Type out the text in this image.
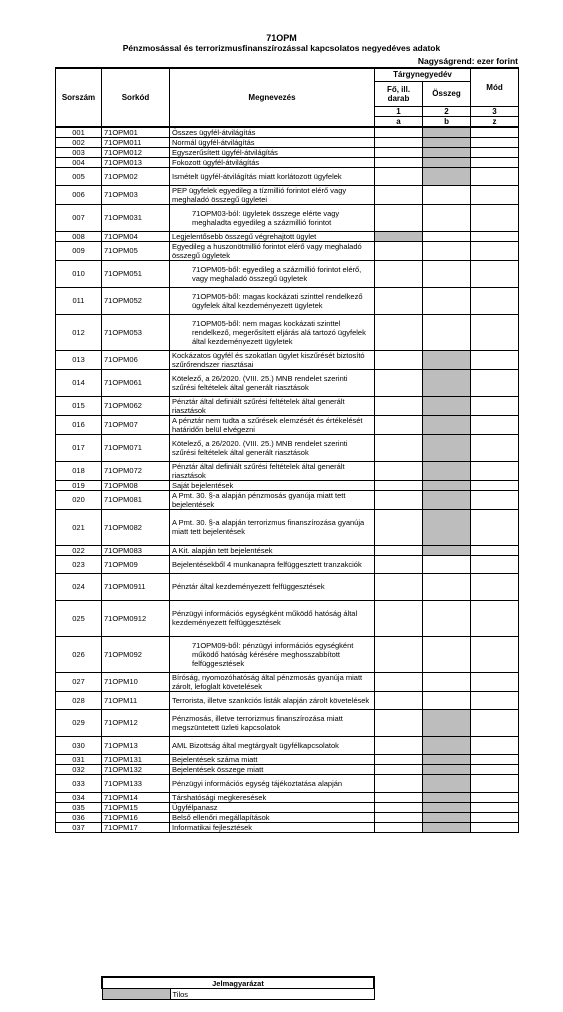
71OPM
Pénzmosással és terrorizmusfinanszírozással kapcsolatos negyedéves adatok
Nagyságrend: ezer forint
Sorszám	Sorkód	Megnevezés	Tárgynegyedév		Mód
			Fő, ill. darab	Összeg	
			1	2	3
			a	b	z
001	71OPM01	Összes ügyfél-átvilágítás			
002	71OPM011	Normál ügyfél-átvilágítás			
003	71OPM012	Egyszerűsített ügyfél-átvilágítás			
004	71OPM013	Fokozott ügyfél-átvilágítás			
005	71OPM02	Ismételt ügyfél-átvilágítás miatt korlátozott ügyfelek			
006	71OPM03	PEP ügyfelek egyedileg a tízmillió forintot elérő vagy meghaladó összegű ügyletei			
007	71OPM031	71OPM03-ból: ügyletek összege elérte vagy meghaladta egyedileg a százmillió forintot			
008	71OPM04	Legjelentősebb összegű végrehajtott ügylet			
009	71OPM05	Egyedileg a huszonötmillió forintot elérő vagy meghaladó összegű ügyletek			
010	71OPM051	71OPM05-ből: egyedileg a százmillió forintot elérő, vagy meghaladó összegű ügyletek			
011	71OPM052	71OPM05-ből: magas kockázati szinttel rendelkező ügyfelek által kezdeményezett ügyletek			
012	71OPM053	71OPM05-ből: nem magas kockázati szinttel rendelkező, megerősített eljárás alá tartozó ügyfelek által kezdeményezett ügyletek			
013	71OPM06	Kockázatos ügyfél és szokatlan ügylet kiszűrését biztosító szűrőrendszer riasztásai			
014	71OPM061	Kötelező, a 26/2020. (VIII. 25.) MNB rendelet szerinti szűrési feltételek által generált riasztások			
015	71OPM062	Pénztár által definiált szűrési feltételek által generált riasztások			
016	71OPM07	A pénztár nem tudta a szűrések elemzését és értékelését határidőn belül elvégezni			
017	71OPM071	Kötelező, a 26/2020. (VIII. 25.) MNB rendelet szerinti szűrési feltételek által generált riasztások			
018	71OPM072	Pénztár által definiált szűrési feltételek által generált riasztások			
019	71OPM08	Saját bejelentések			
020	71OPM081	A Pmt. 30. §-a alapján pénzmosás gyanúja miatt tett bejelentések			
021	71OPM082	A Pmt. 30. §-a alapján terrorizmus finanszírozása gyanúja miatt tett bejelentések			
022	71OPM083	A Kit. alapján tett bejelentések			
023	71OPM09	Bejelentésekből 4 munkanapra felfüggesztett tranzakciók			
024	71OPM0911	Pénztár által kezdeményezett felfüggesztések			
025	71OPM0912	Pénzügyi információs egységként működő hatóság által kezdeményezett felfüggesztések			
026	71OPM092	71OPM09-ből: pénzügyi információs egységként működő hatóság kérésére meghosszabbított felfüggesztések			
027	71OPM10	Bíróság, nyomozóhatóság által pénzmosás gyanúja miatt zárolt, lefoglalt követelések			
028	71OPM11	Terrorista, illetve szankciós listák alapján zárolt követelések			
029	71OPM12	Pénzmosás, illetve terrorizmus finanszírozása miatt megszüntetett üzleti kapcsolatok			
030	71OPM13	AML Bizottság által megtárgyalt ügyfélkapcsolatok			
031	71OPM131	Bejelentések száma miatt			
032	71OPM132	Bejelentések összege miatt			
033	71OPM133	Pénzügyi információs egység tájékoztatása alapján			
034	71OPM14	Társhatósági megkeresések			
035	71OPM15	Ügyfélpanasz			
036	71OPM16	Belső ellenőri megállapítások			
037	71OPM17	Informatikai fejlesztések			
Jelmagyarázat
	Tilos
